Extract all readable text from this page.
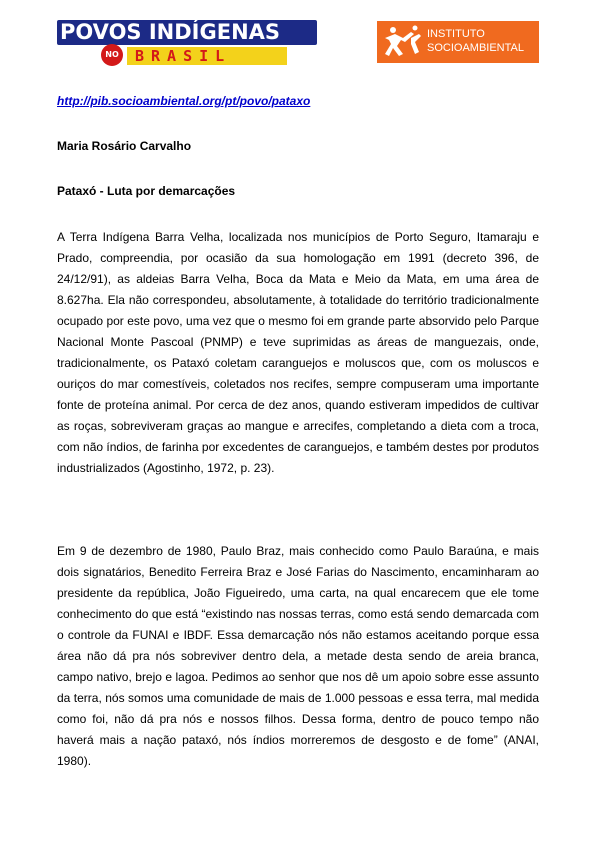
POVOS INDÍGENAS
NO	BRASIL
INSTITUTO
SOCIOAMBIENTAL
http://pib.socioambiental.org/pt/povo/pataxo
Maria Rosário Carvalho
Pataxó - Luta por demarcações

A Terra Indígena Barra Velha, localizada nos municípios de Porto Seguro, Itamaraju e Prado, compreendia, por ocasião da sua homologação em 1991 (decreto 396, de 24/12/91), as aldeias Barra Velha, Boca da Mata e Meio da Mata, em uma área de 8.627ha. Ela não correspondeu, absolutamente, à totalidade do território tradicionalmente ocupado por este povo, uma vez que o mesmo foi em grande parte absorvido pelo Parque Nacional Monte Pascoal (PNMP) e teve suprimidas as áreas de manguezais, onde, tradicionalmente, os Pataxó coletam caranguejos e moluscos que, com os moluscos e ouriços do mar comestíveis, coletados nos recifes, sempre compuseram uma importante fonte de proteína animal. Por cerca de dez anos, quando estiveram impedidos de cultivar as roças, sobreviveram graças ao mangue e arrecifes, completando a dieta com a troca, com não índios, de farinha por excedentes de caranguejos, e também destes por produtos industrializados (Agostinho, 1972, p. 23).

Em 9 de dezembro de 1980, Paulo Braz, mais conhecido como Paulo Baraúna, e mais dois signatários, Benedito Ferreira Braz e José Farias do Nascimento, encaminharam ao presidente da república, João Figueiredo, uma carta, na qual encarecem que ele tome conhecimento do que está “existindo nas nossas terras, como está sendo demarcada com o controle da FUNAI e IBDF. Essa demarcação nós não estamos aceitando porque essa área não dá pra nós sobreviver dentro dela, a metade desta sendo de areia branca, campo nativo, brejo e lagoa. Pedimos ao senhor que nos dê um apoio sobre esse assunto da terra, nós somos uma comunidade de mais de 1.000 pessoas e essa terra, mal medida como foi, não dá pra nós e nossos filhos. Dessa forma, dentro de pouco tempo não haverá mais a nação pataxó, nós índios morreremos de desgosto e de fome” (ANAI, 1980).
